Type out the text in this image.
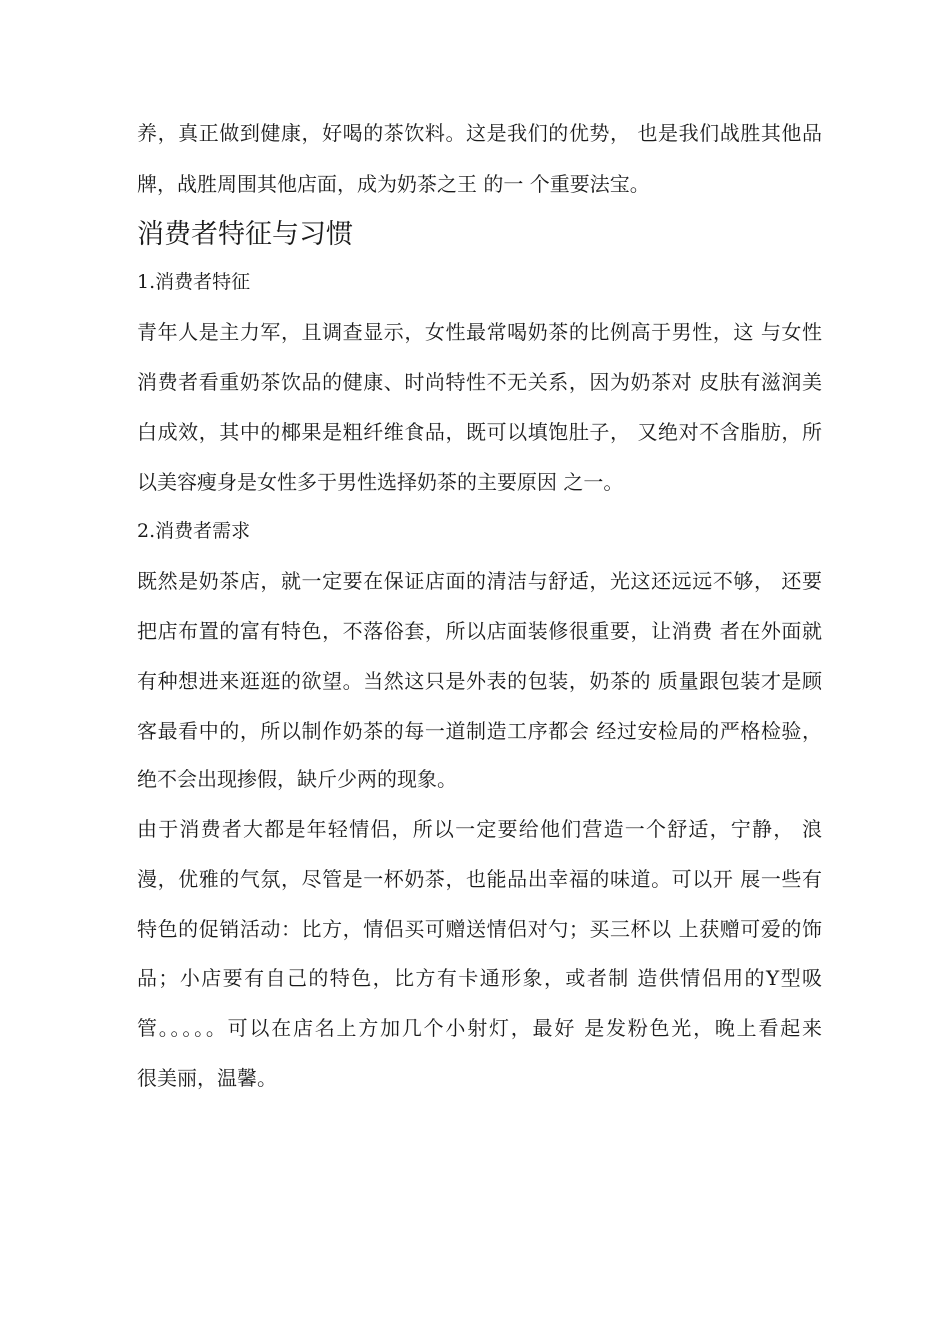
养，真正做到健康，好喝的茶饮料。这是我们的优势， 也是我们战胜其他品
牌，战胜周围其他店面，成为奶茶之王 的一 个重要法宝。
消费者特征与习惯
1.消费者特征
青年人是主力军，且调查显示，女性最常喝奶茶的比例高于男性，这 与女性
消费者看重奶茶饮品的健康、时尚特性不无关系，因为奶茶对 皮肤有滋润美
白成效，其中的椰果是粗纤维食品，既可以填饱肚子， 又绝对不含脂肪，所
以美容瘦身是女性多于男性选择奶茶的主要原因 之一。
2.消费者需求
既然是奶茶店，就一定要在保证店面的清洁与舒适，光这还远远不够， 还要
把店布置的富有特色，不落俗套，所以店面装修很重要，让消费 者在外面就
有种想进来逛逛的欲望。当然这只是外表的包装，奶茶的 质量跟包装才是顾
客最看中的，所以制作奶茶的每一道制造工序都会 经过安检局的严格检验，
绝不会出现掺假，缺斤少两的现象。
由于消费者大都是年轻情侣，所以一定要给他们营造一个舒适，宁静， 浪
漫，优雅的气氛，尽管是一杯奶茶，也能品出幸福的味道。可以开 展一些有
特色的促销活动：比方，情侣买可赠送情侣对勺；买三杯以 上获赠可爱的饰
品；小店要有自己的特色，比方有卡通形象，或者制 造供情侣用的Y型吸
管。。。。。可以在店名上方加几个小射灯，最好 是发粉色光，晚上看起来
很美丽，温馨。
